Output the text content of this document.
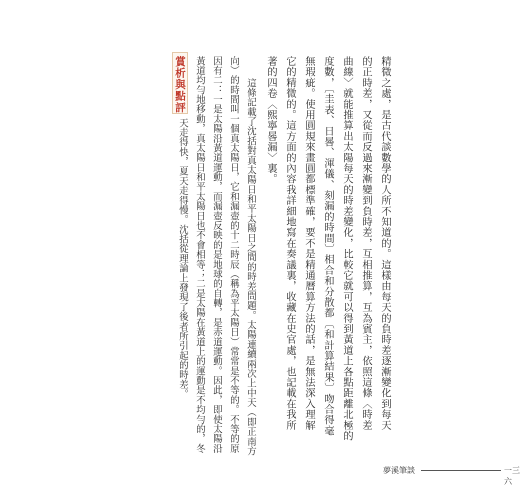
精微之處，是古代談數學的人所不知道的。這樣由每天的負時差逐漸變化到每天
的正時差，又從而反過來漸變到負時差，互相推算，互為賓主，依照這條〈時差
曲線〉就能推算出太陽每天的時差變化，比較它就可以得到黃道上各點距離北極的
度數，〔圭表、日晷、渾儀、刻漏的時間〕相合和分散都〔和計算結果〕吻合得毫
無瑕疵。使用圓規來畫圓都標準確，要不是精通曆算方法的話，是無法深入理解
它的精微的。這方面的內容我詳細地寫在奏議裏，收藏在史官處，也記載在我所
著的四卷〈熙寧晷漏〉裏。
賞析與點評	這條記載了沈括對真太陽日和平太陽日之間的時差問題。太陽連續兩次上中天（即正南方
向）的時間叫一個真太陽日，它和漏壺的十二時辰（稱為平太陽日）常常是不等的。不等的原
因有二：一是太陽沿黃道運動，而漏壺反映的是地球的自轉，是赤道運動。因此，即使太陽沿
黃道均勻地移動，真太陽日和平太陽日也不會相等；二是太陽在黃道上的運動是不均勻的，冬
天走得快，夏天走得慢。沈括從理論上發現了後者所引起的時差。
夢溪筆談	一三六
